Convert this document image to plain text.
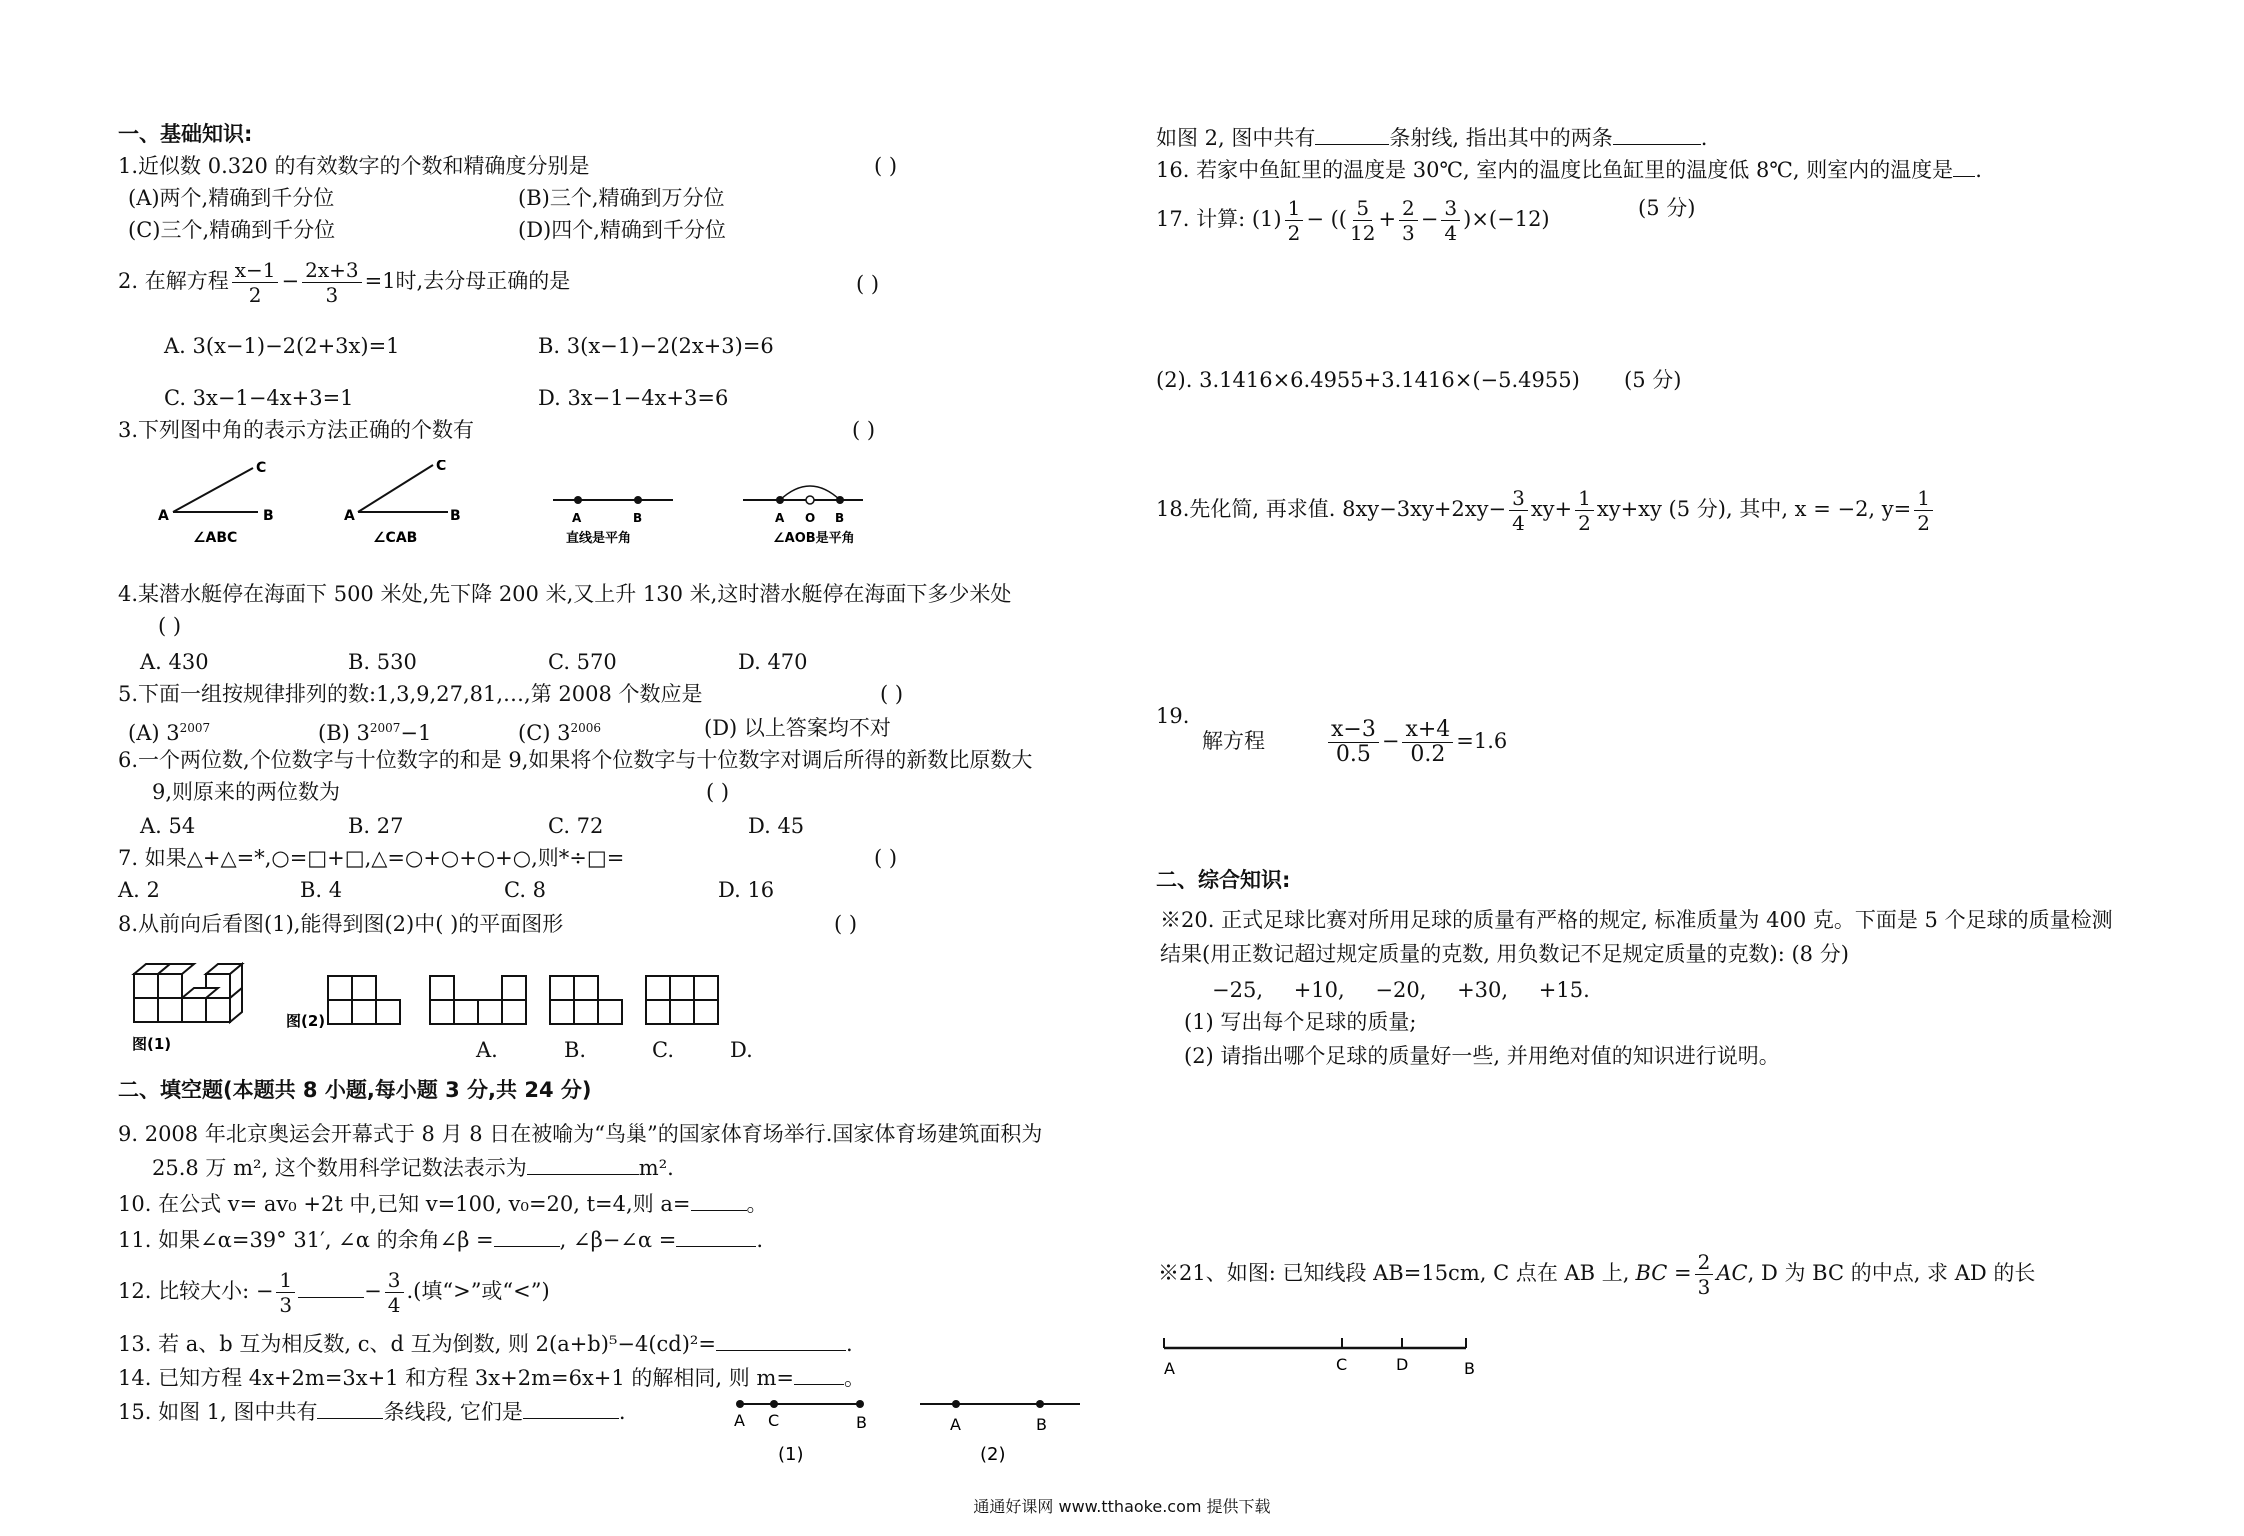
一、基础知识:
1.近似数 0.320 的有效数字的个数和精确度分别是	( )
(A)两个,精确到千分位	(B)三个,精确到万分位
(C)三个,精确到千分位	(D)四个,精确到千分位
2. 在解方程 $\frac{x-1}{2} - \frac{2x+3}{3} =1$时,去分母正确的是	( )
A. 3(x−1)−2(2+3x)=1	B. 3(x−1)−2(2x+3)=6
C. 3x−1−4x+3=1	D. 3x−1−4x+3=6
3.下列图中角的表示方法正确的个数有	( )
C
A	B
∠ABC
C
A	B
∠CAB
A	B
直线是平角
A O B
∠AOB是平角
4.某潜水艇停在海面下 500 米处,先下降 200 米,又上升 130 米,这时潜水艇停在海面下多少米处
( )
A. 430	B. 530	C. 570	D. 470
5.下面一组按规律排列的数:1,3,9,27,81,…,第 2008 个数应是	( )
(A) $3^{2007}$	(B) $3^{2007}-1$	(C) $3^{2006}$	(D) 以上答案均不对
6.一个两位数,个位数字与十位数字的和是 9,如果将个位数字与十位数字对调后所得的新数比原数大
9,则原来的两位数为	( )
A. 54	B. 27	C. 72	D. 45
7. 如果△+△=*,○=□+□,△=○+○+○+○,则*÷□=	( )
A. 2	B. 4	C. 8	D. 16
8.从前向后看图(1),能得到图(2)中( )的平面图形	( )
图(1)
图(2)
A.	B.	C.	D.
二、填空题(本题共 8 小题,每小题 3 分,共 24 分)
9. 2008 年北京奥运会开幕式于 8 月 8 日在被喻为“鸟巢”的国家体育场举行.国家体育场建筑面积为
25.8 万 m², 这个数用科学记数法表示为	m².
10. 在公式 v= av₀ +2t 中,已知 v=100, v₀=20, t=4,则 a=	。
11. 如果∠α=39° 31′, ∠α 的余角∠β =	, ∠β−∠α =	.
12. 比较大小: − $\frac{1}{3}$	− $\frac{3}{4}$ .(填“>”或“<”)
13. 若 a、b 互为相反数, c、d 互为倒数, 则 2(a+b)⁵−4(cd)²=	.
14. 已知方程 4x+2m=3x+1 和方程 3x+2m=6x+1 的解相同, 则 m= 。
15. 如图 1, 图中共有	条线段, 它们是	.	A C	B
(1)
A	B
(2)
如图 2, 图中共有	条射线, 指出其中的两条	.
16. 若家中鱼缸里的温度是 30℃, 室内的温度比鱼缸里的温度低 8℃, 则室内的温度是 .
17. 计算: $(1) \frac{1}{2}$ − (( $\frac{5}{12} + \frac{2}{3} - \frac{3}{4} )\times(-12)$	(5 分)
(2). 3.1416×6.4955+3.1416×(−5.4955) (5 分)
18.先化简, 再求值. $8xy-3xy+2xy- \frac{3}{4} xy+ \frac{1}{2} xy+xy$ (5 分), 其中, x = −2, $y= \frac{1}{2}$
19.
解方程	$\frac{x-3}{0.5} - \frac{x+4}{0.2} =1.6$
二、综合知识:
※20. 正式足球比赛对所用足球的质量有严格的规定, 标准质量为 400 克。下面是 5 个足球的质量检测
结果(用正数记超过规定质量的克数, 用负数记不足规定质量的克数): (8 分)
−25, +10, −20, +30, +15.
(1) 写出每个足球的质量;
(2) 请指出哪个足球的质量好一些, 并用绝对值的知识进行说明。
※21、如图: 已知线段 AB=15cm, C 点在 AB 上, BC = $\frac{2}{3}$ AC, D 为 BC 的中点, 求 AD 的长
A	C	D	B
通通好课网 www.tthaoke.com 提供下载
